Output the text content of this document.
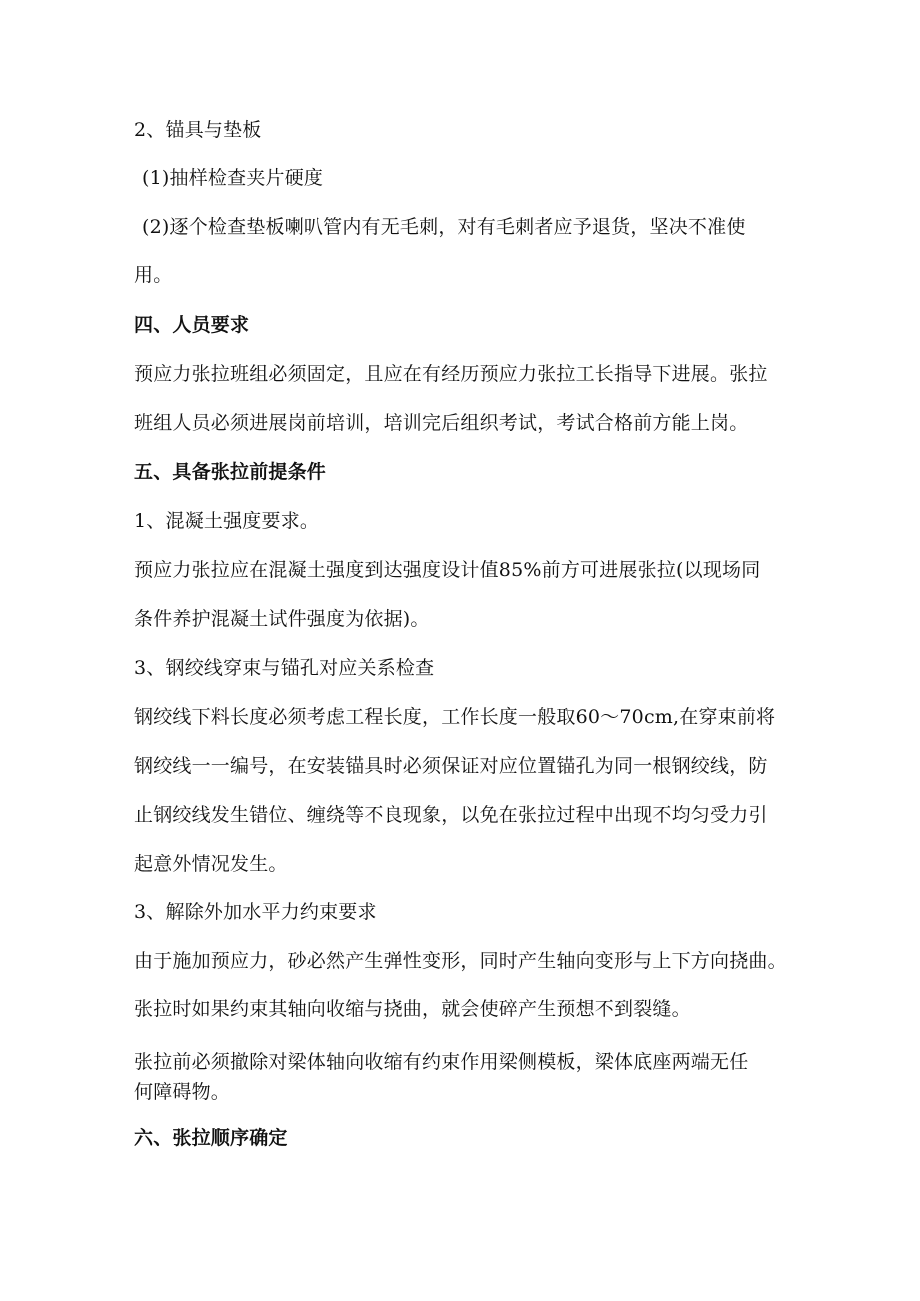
2、锚具与垫板
(1)抽样检查夹片硬度
(2)逐个检查垫板喇叭管内有无毛刺，对有毛刺者应予退货，坚决不准使
用。
四、人员要求
预应力张拉班组必须固定，且应在有经历预应力张拉工长指导下进展。张拉
班组人员必须进展岗前培训，培训完后组织考试，考试合格前方能上岗。
五、具备张拉前提条件
1、混凝土强度要求。
预应力张拉应在混凝土强度到达强度设计值85%前方可进展张拉(以现场同
条件养护混凝土试件强度为依据)。
3、钢绞线穿束与锚孔对应关系检查
钢绞线下料长度必须考虑工程长度，工作长度一般取60～70cm,在穿束前将
钢绞线一一编号，在安装锚具时必须保证对应位置锚孔为同一根钢绞线，防
止钢绞线发生错位、缠绕等不良现象，以免在张拉过程中出现不均匀受力引
起意外情况发生。
3、解除外加水平力约束要求
由于施加预应力，砂必然产生弹性变形，同时产生轴向变形与上下方向挠曲。
张拉时如果约束其轴向收缩与挠曲，就会使碎产生预想不到裂缝。
张拉前必须撤除对梁体轴向收缩有约束作用梁侧模板，梁体底座两端无任
何障碍物。
六、张拉顺序确定
